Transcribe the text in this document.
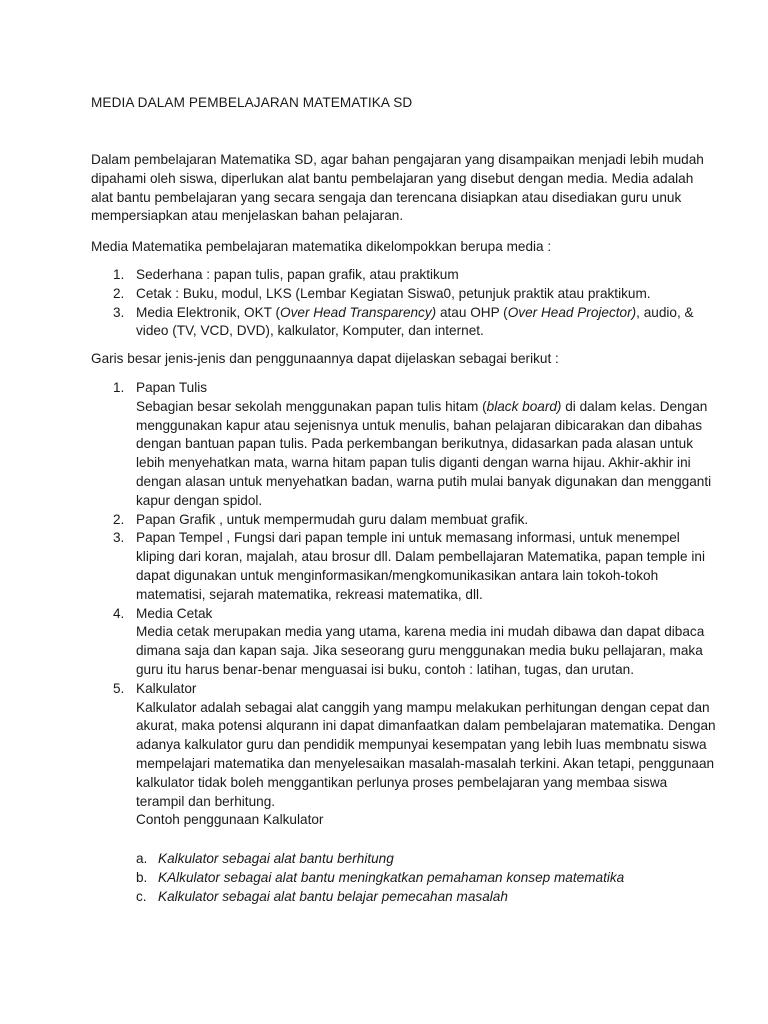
MEDIA DALAM PEMBELAJARAN MATEMATIKA SD
Dalam pembelajaran Matematika SD, agar bahan pengajaran yang disampaikan menjadi lebih mudah
dipahami oleh siswa, diperlukan alat bantu pembelajaran yang disebut dengan media. Media adalah
alat bantu pembelajaran yang secara sengaja dan terencana disiapkan atau disediakan guru unuk
mempersiapkan atau menjelaskan bahan pelajaran.
Media Matematika pembelajaran matematika dikelompokkan berupa media :
1. Sederhana : papan tulis, papan grafik, atau praktikum
2. Cetak : Buku, modul, LKS (Lembar Kegiatan Siswa0, petunjuk praktik atau praktikum.
3. Media Elektronik, OKT (Over Head Transparency) atau OHP (Over Head Projector), audio, &
video (TV, VCD, DVD), kalkulator, Komputer, dan internet.
Garis besar jenis-jenis dan penggunaannya dapat dijelaskan sebagai berikut :
1. Papan Tulis
Sebagian besar sekolah menggunakan papan tulis hitam (black board) di dalam kelas. Dengan
menggunakan kapur atau sejenisnya untuk menulis, bahan pelajaran dibicarakan dan dibahas
dengan bantuan papan tulis. Pada perkembangan berikutnya, didasarkan pada alasan untuk
lebih menyehatkan mata, warna hitam papan tulis diganti dengan warna hijau. Akhir-akhir ini
dengan alasan untuk menyehatkan badan, warna putih mulai banyak digunakan dan mengganti
kapur dengan spidol.
2. Papan Grafik , untuk mempermudah guru dalam membuat grafik.
3. Papan Tempel , Fungsi dari papan temple ini untuk memasang informasi, untuk menempel
kliping dari koran, majalah, atau brosur dll. Dalam pembellajaran Matematika, papan temple ini
dapat digunakan untuk menginformasikan/mengkomunikasikan antara lain tokoh-tokoh
matematisi, sejarah matematika, rekreasi matematika, dll.
4. Media Cetak
Media cetak merupakan media yang utama, karena media ini mudah dibawa dan dapat dibaca
dimana saja dan kapan saja. Jika seseorang guru menggunakan media buku pellajaran, maka
guru itu harus benar-benar menguasai isi buku, contoh : latihan, tugas, dan urutan.
5. Kalkulator
Kalkulator adalah sebagai alat canggih yang mampu melakukan perhitungan dengan cepat dan
akurat, maka potensi alqurann ini dapat dimanfaatkan dalam pembelajaran matematika. Dengan
adanya kalkulator guru dan pendidik mempunyai kesempatan yang lebih luas membnatu siswa
mempelajari matematika dan menyelesaikan masalah-masalah terkini. Akan tetapi, penggunaan
kalkulator tidak boleh menggantikan perlunya proses pembelajaran yang membaa siswa
terampil dan berhitung.
Contoh penggunaan Kalkulator
a. Kalkulator sebagai alat bantu berhitung
b. KAlkulator sebagai alat bantu meningkatkan pemahaman konsep matematika
c. Kalkulator sebagai alat bantu belajar pemecahan masalah
